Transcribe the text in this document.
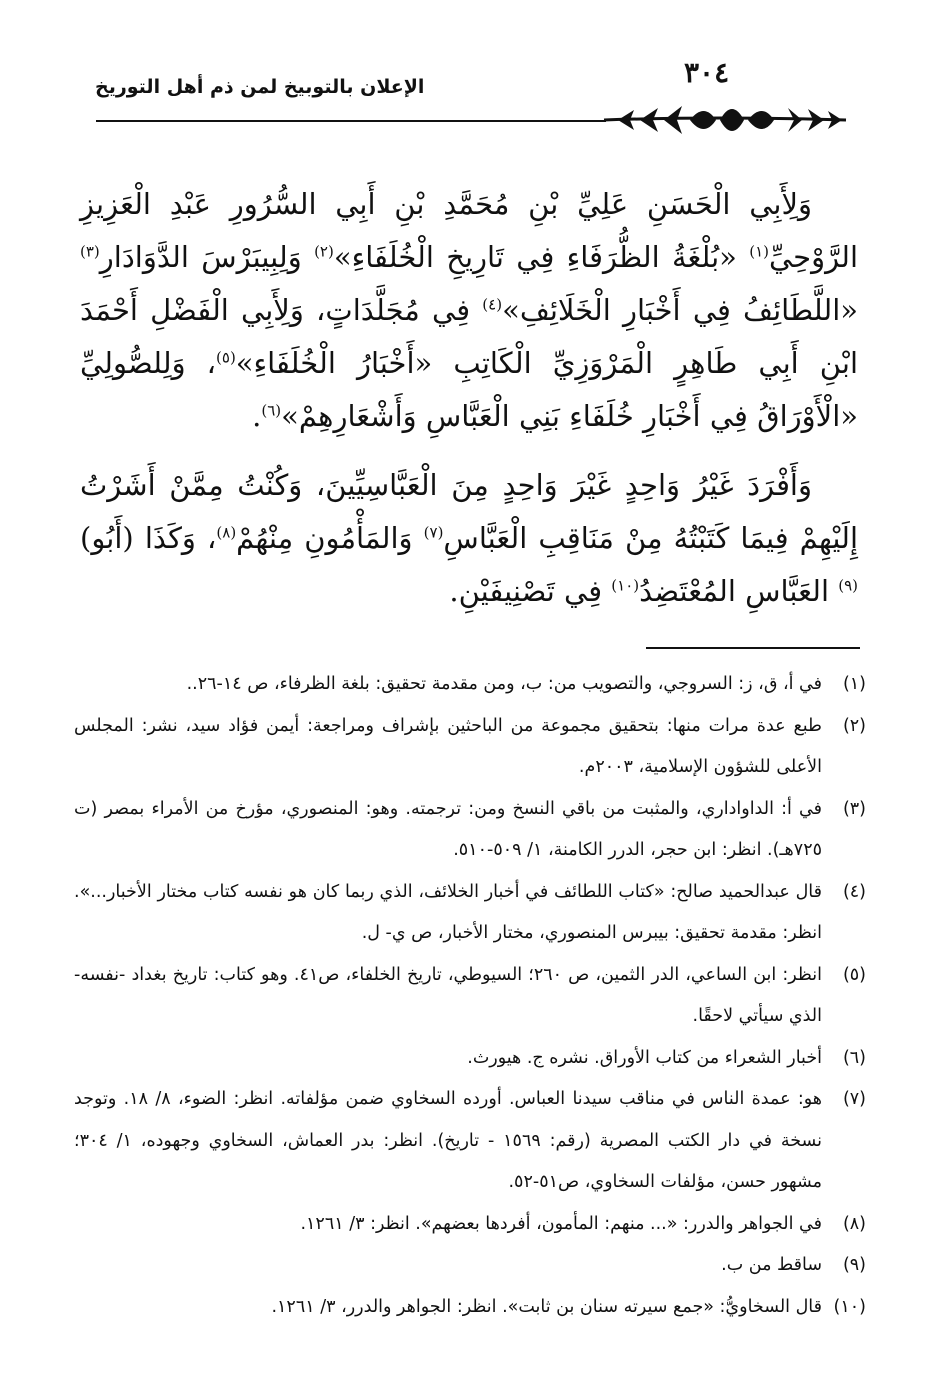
٣٠٤
الإعلان بالتوبيخ لمن ذم أهل التوريخ

وَلِأَبِي الْحَسَنِ عَلِيِّ بْنِ مُحَمَّدِ بْنِ أَبِي السُّرُورِ عَبْدِ الْعَزِيزِ الرَّوْحِيِّ$^{(١)}$ «بُلْغَةُ الظُّرَفَاءِ فِي تَارِيخِ الْخُلَفَاءِ»$^{(٢)}$ وَلِبِيبَرْسَ الدَّوَادَارِ$^{(٣)}$ «اللَّطَائِفُ فِي أَخْبَارِ الْخَلَائِفِ»$^{(٤)}$ فِي مُجَلَّدَاتٍ، وَلِأَبِي الْفَضْلِ أَحْمَدَ ابْنِ أَبِي طَاهِرٍ الْمَرْوَزِيِّ الْكَاتِبِ «أَخْبَارُ الْخُلَفَاءِ»$^{(٥)}$، وَلِلصُّولِيِّ «الْأَوْرَاقُ فِي أَخْبَارِ خُلَفَاءِ بَنِي الْعَبَّاسِ وَأَشْعَارِهِمْ»$^{(٦)}$.

وَأَفْرَدَ غَيْرُ وَاحِدٍ غَيْرَ وَاحِدٍ مِنَ الْعَبَّاسِيِّينَ، وَكُنْتُ مِمَّنْ أَشَرْتُ إِلَيْهِمْ فِيمَا كَتَبْتُهُ مِنْ مَنَاقِبِ الْعَبَّاسِ$^{(٧)}$ وَالمَأْمُونِ مِنْهُمْ$^{(٨)}$، وَكَذَا (أَبُو)$^{(٩)}$ العَبَّاسِ المُعْتَضِدُ$^{(١٠)}$ فِي تَصْنِيفَيْنِ.

(١)
في أ، ق، ز: السروجي، والتصويب من: ب، ومن مقدمة تحقيق: بلغة الظرفاء، ص ١٤-٢٦..
(٢)
طبع عدة مرات منها: بتحقيق مجموعة من الباحثين بإشراف ومراجعة: أيمن فؤاد سيد، نشر: المجلس الأعلى للشؤون الإسلامية، ٢٠٠٣م.
(٣)
في أ: الداواداري، والمثبت من باقي النسخ ومن: ترجمته. وهو: المنصوري، مؤرخ من الأمراء بمصر (ت ٧٢٥هـ). انظر: ابن حجر، الدرر الكامنة، ١/ ٥٠٩-٥١٠.
(٤)
قال عبدالحميد صالح: «كتاب اللطائف في أخبار الخلائف، الذي ربما كان هو نفسه كتاب مختار الأخبار...». انظر: مقدمة تحقيق: بيبرس المنصوري، مختار الأخبار، ص ي- ل.
(٥)
انظر: ابن الساعي، الدر الثمين، ص ٢٦٠؛ السيوطي، تاريخ الخلفاء، ص٤١. وهو كتاب: تاريخ بغداد -نفسه- الذي سيأتي لاحقًا.
(٦)
أخبار الشعراء من كتاب الأوراق. نشره ج. هيورث.
(٧)
هو: عمدة الناس في مناقب سيدنا العباس. أورده السخاوي ضمن مؤلفاته. انظر: الضوء، ٨/ ١٨. وتوجد نسخة في دار الكتب المصرية (رقم: ١٥٦٩ - تاريخ). انظر: بدر العماش، السخاوي وجهوده، ١/ ٣٠٤؛ مشهور حسن، مؤلفات السخاوي، ص٥١-٥٢.
(٨)
في الجواهر والدرر: «... منهم: المأمون، أفردها بعضهم». انظر: ٣/ ١٢٦١.
(٩)
ساقط من ب.
(١٠)
قال السخاويُّ: «جمع سيرته سنان بن ثابت». انظر: الجواهر والدرر، ٣/ ١٢٦١.
